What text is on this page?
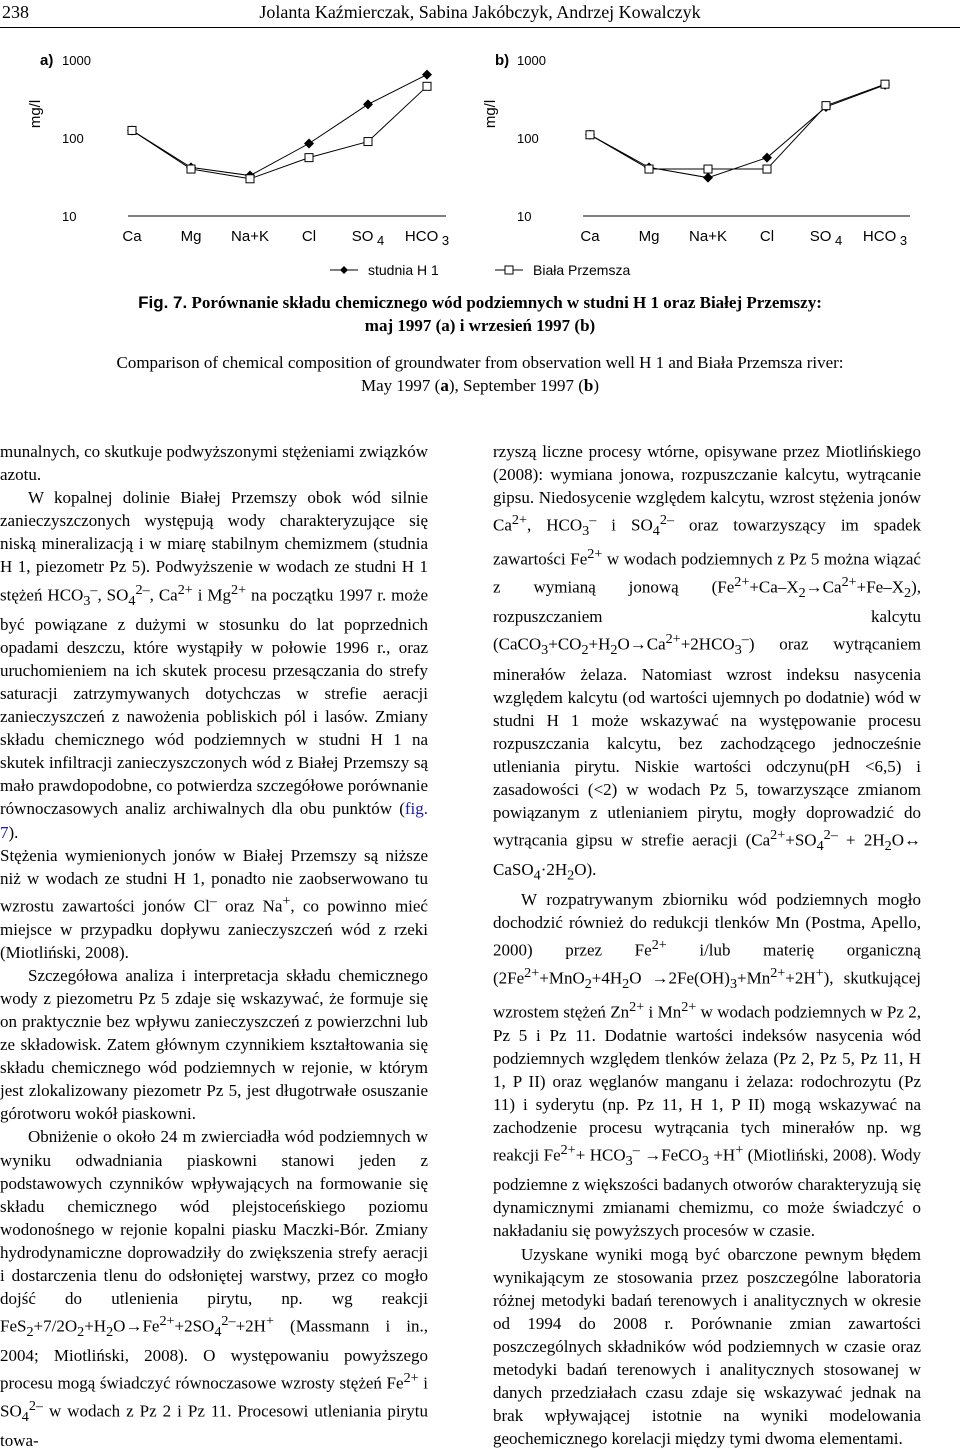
238	Jolanta Kaźmierczak, Sabina Jakóbczyk, Andrzej Kowalczyk
a)
mg/l
10
100
1000
Ca	Mg Na+K Cl SO 4 HCO 3
b)
mg/l
10
100
1000
Ca	Mg Na+K Cl SO 4 HCO 3
studnia H 1	Biała Przemsza
Fig. 7. Porównanie składu chemicznego wód podziemnych w studni H 1 oraz Białej Przemszy:
maj 1997 (a) i wrzesień 1997 (b)
Comparison of chemical composition of groundwater from observation well H 1 and Biała Przemsza river:
May 1997 (a), September 1997 (b)

munalnych, co skutkuje podwyższonymi stężeniami związków azotu.

W kopalnej dolinie Białej Przemszy obok wód silnie zanieczyszczonych występują wody charakteryzujące się niską mineralizacją i w miarę stabilnym chemizmem (studnia H 1, piezometr Pz 5). Podwyższenie w wodach ze studni H 1 stężeń $HCO_3^-$, $SO_4^{2-}$, $Ca^{2+}$ i $Mg^{2+}$ na początku 1997 r. może być powiązane z dużymi w stosunku do lat poprzednich opadami deszczu, które wystąpiły w połowie 1996 r., oraz uruchomieniem na ich skutek procesu przesączania do strefy saturacji zatrzymywanych dotychczas w strefie aeracji zanieczyszczeń z nawożenia pobliskich pól i lasów. Zmiany składu chemicznego wód podziemnych w studni H 1 na skutek infiltracji zanieczyszczonych wód z Białej Przemszy są mało prawdopodobne, co potwierdza szczegółowe porównanie równoczasowych analiz archiwalnych dla obu punktów (fig. 7).

Stężenia wymienionych jonów w Białej Przemszy są niższe niż w wodach ze studni H 1, ponadto nie zaobserwowano tu wzrostu zawartości jonów Cl– oraz Na+, co powinno mieć miejsce w przypadku dopływu zanieczyszczeń wód z rzeki (Miotliński, 2008).

Szczegółowa analiza i interpretacja składu chemicznego wody z piezometru Pz 5 zdaje się wskazywać, że formuje się on praktycznie bez wpływu zanieczyszczeń z powierzchni lub ze składowisk. Zatem głównym czynnikiem kształtowania się składu chemicznego wód podziemnych w rejonie, w którym jest zlokalizowany piezometr Pz 5, jest długotrwałe osuszanie górotworu wokół piaskowni.

Obniżenie o około 24 m zwierciadła wód podziemnych w wyniku odwadniania piaskowni stanowi jeden z podstawowych czynników wpływających na formowanie się składu chemicznego wód plejstoceńskiego poziomu wodonośnego w rejonie kopalni piasku Maczki-Bór. Zmiany hydrodynamiczne doprowadziły do zwiększenia strefy aeracji i dostarczenia tlenu do odsłoniętej warstwy, przez co mogło dojść do utlenienia pirytu, np. wg reakcji $FeS_2+7/2O_2+H_2O\to Fe^{2+}+2SO_4^{2-}+2H^+$ (Massmann i in., 2004; Miotliński, 2008). O występowaniu powyższego procesu mogą świadczyć równoczasowe wzrosty stężeń $Fe^{2+}$ i $SO_4^{2-}$ w wodach z Pz 2 i Pz 11. Procesowi utleniania pirytu towa-

rzyszą liczne procesy wtórne, opisywane przez Miotlińskiego (2008): wymiana jonowa, rozpuszczanie kalcytu, wytrącanie gipsu. Niedosycenie względem kalcytu, wzrost stężenia jonów $Ca^{2+}$, $HCO_3^-$ i $SO_4^{2-}$ oraz towarzyszący im spadek zawartości $Fe^{2+}$ w wodach podziemnych z Pz 5 można wiązać z wymianą jonową $(Fe^{2+}+Ca-X_2\to Ca^{2+}+Fe-X_2)$, rozpuszczaniem kalcytu $(CaCO_3+CO_2+H_2O\to Ca^{2+}+2HCO_3^-)$ oraz wytrącaniem minerałów żelaza. Natomiast wzrost indeksu nasycenia względem kalcytu (od wartości ujemnych po dodatnie) wód w studni H 1 może wskazywać na występowanie procesu rozpuszczania kalcytu, bez zachodzącego jednocześnie utleniania pirytu. Niskie wartości odczynu(pH <6,5) i zasadowości (<2) w wodach Pz 5, towarzyszące zmianom powiązanym z utlenianiem pirytu, mogły doprowadzić do wytrącania gipsu w strefie aeracji ($Ca^{2+}+SO_4^{2-}$ + $2H_2O\leftrightarrow$ $CaSO_4\cdot 2H_2O$).

W rozpatrywanym zbiorniku wód podziemnych mogło dochodzić również do redukcji tlenków Mn (Postma, Apello, 2000) przez $Fe^{2+}$ i/lub materię organiczną $(2Fe^{2+}+MnO_2+4H_2O \to 2Fe(OH)_3+Mn^{2+}+2H^+)$, skutkującej wzrostem stężeń $Zn^{2+}$ i $Mn^{2+}$ w wodach podziemnych w Pz 2, Pz 5 i Pz 11. Dodatnie wartości indeksów nasycenia wód podziemnych względem tlenków żelaza (Pz 2, Pz 5, Pz 11, H 1, P II) oraz węglanów manganu i żelaza: rodochrozytu (Pz 11) i syderytu (np. Pz 11, H 1, P II) mogą wskazywać na zachodzenie procesu wytrącania tych minerałów np. wg reakcji $Fe^{2+}+ HCO_3^-$ →FeCO$_3$ +H+ (Miotliński, 2008). Wody podziemne z większości badanych otworów charakteryzują się dynamicznymi zmianami chemizmu, co może świadczyć o nakładaniu się powyższych procesów w czasie.

Uzyskane wyniki mogą być obarczone pewnym błędem wynikającym ze stosowania przez poszczególne laboratoria różnej metodyki badań terenowych i analitycznych w okresie od 1994 do 2008 r. Porównanie zmian zawartości poszczególnych składników wód podziemnych w czasie oraz metodyki badań terenowych i analitycznych stosowanej w danych przedziałach czasu zdaje się wskazywać jednak na brak wpływającej istotnie na wyniki modelowania geochemicznego korelacji między tymi dwoma elementami.
